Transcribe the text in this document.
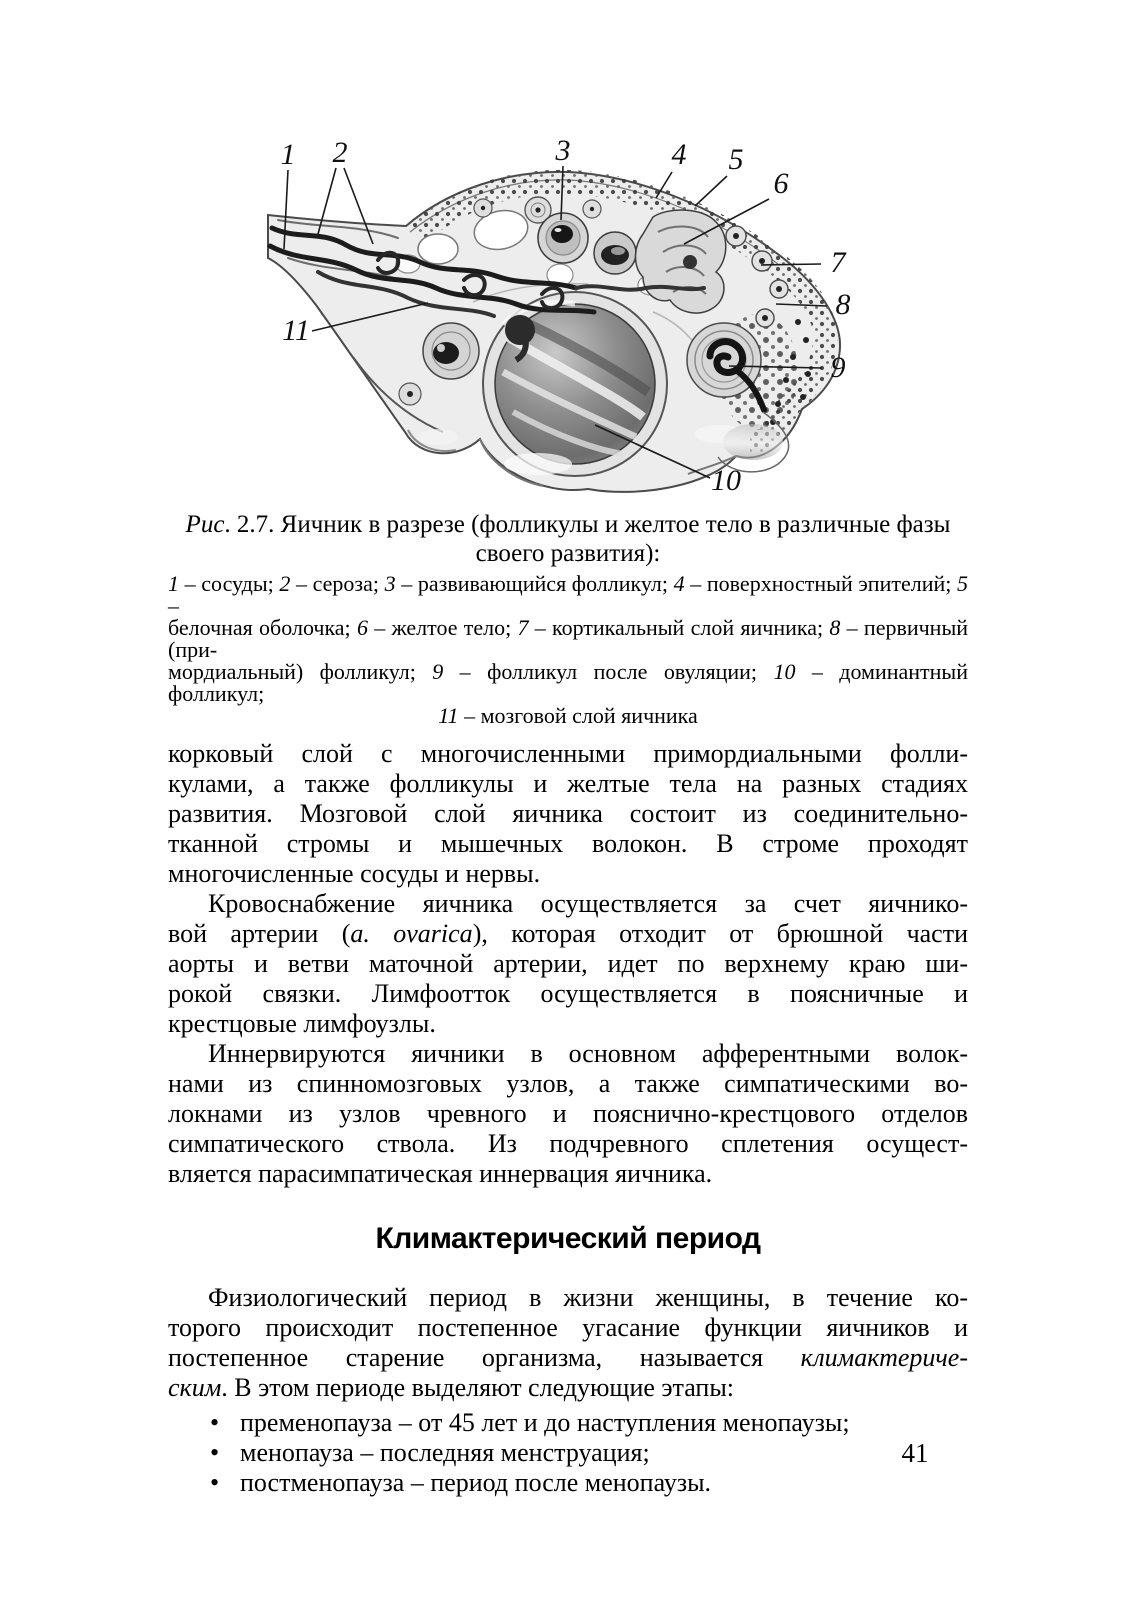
1 2	3	4 5
6
7
8
9
10
11
Рис. 2.7. Яичник в разрезе (фолликулы и желтое тело в различные фазы
своего развития):
1 – сосуды; 2 – сероза; 3 – развивающийся фолликул; 4 – поверхностный эпителий; 5 –
белочная оболочка; 6 – желтое тело; 7 – кортикальный слой яичника; 8 – первичный (при-
мордиальный) фолликул; 9 – фолликул после овуляции; 10 – доминантный фолликул;
11 – мозговой слой яичника
корковый слой с многочисленными примордиальными фолли-
кулами, а также фолликулы и желтые тела на разных стадиях
развития. Мозговой слой яичника состоит из соединительно-
тканной стромы и мышечных волокон. В строме проходят
многочисленные сосуды и нервы.
Кровоснабжение яичника осуществляется за счет яичнико-
вой артерии (a. ovarica), которая отходит от брюшной части
аорты и ветви маточной артерии, идет по верхнему краю ши-
рокой связки. Лимфоотток осуществляется в поясничные и
крестцовые лимфоузлы.
Иннервируются яичники в основном афферентными волок-
нами из спинномозговых узлов, а также симпатическими во-
локнами из узлов чревного и пояснично-крестцового отделов
симпатического ствола. Из подчревного сплетения осущест-
вляется парасимпатическая иннервация яичника.
Климактерический период
Физиологический период в жизни женщины, в течение ко-
торого происходит постепенное угасание функции яичников и
постепенное старение организма, называется климактериче-
ским. В этом периоде выделяют следующие этапы:
• пременопауза – от 45 лет и до наступления менопаузы;
• менопауза – последняя менструация;
• постменопауза – период после менопаузы.
41
